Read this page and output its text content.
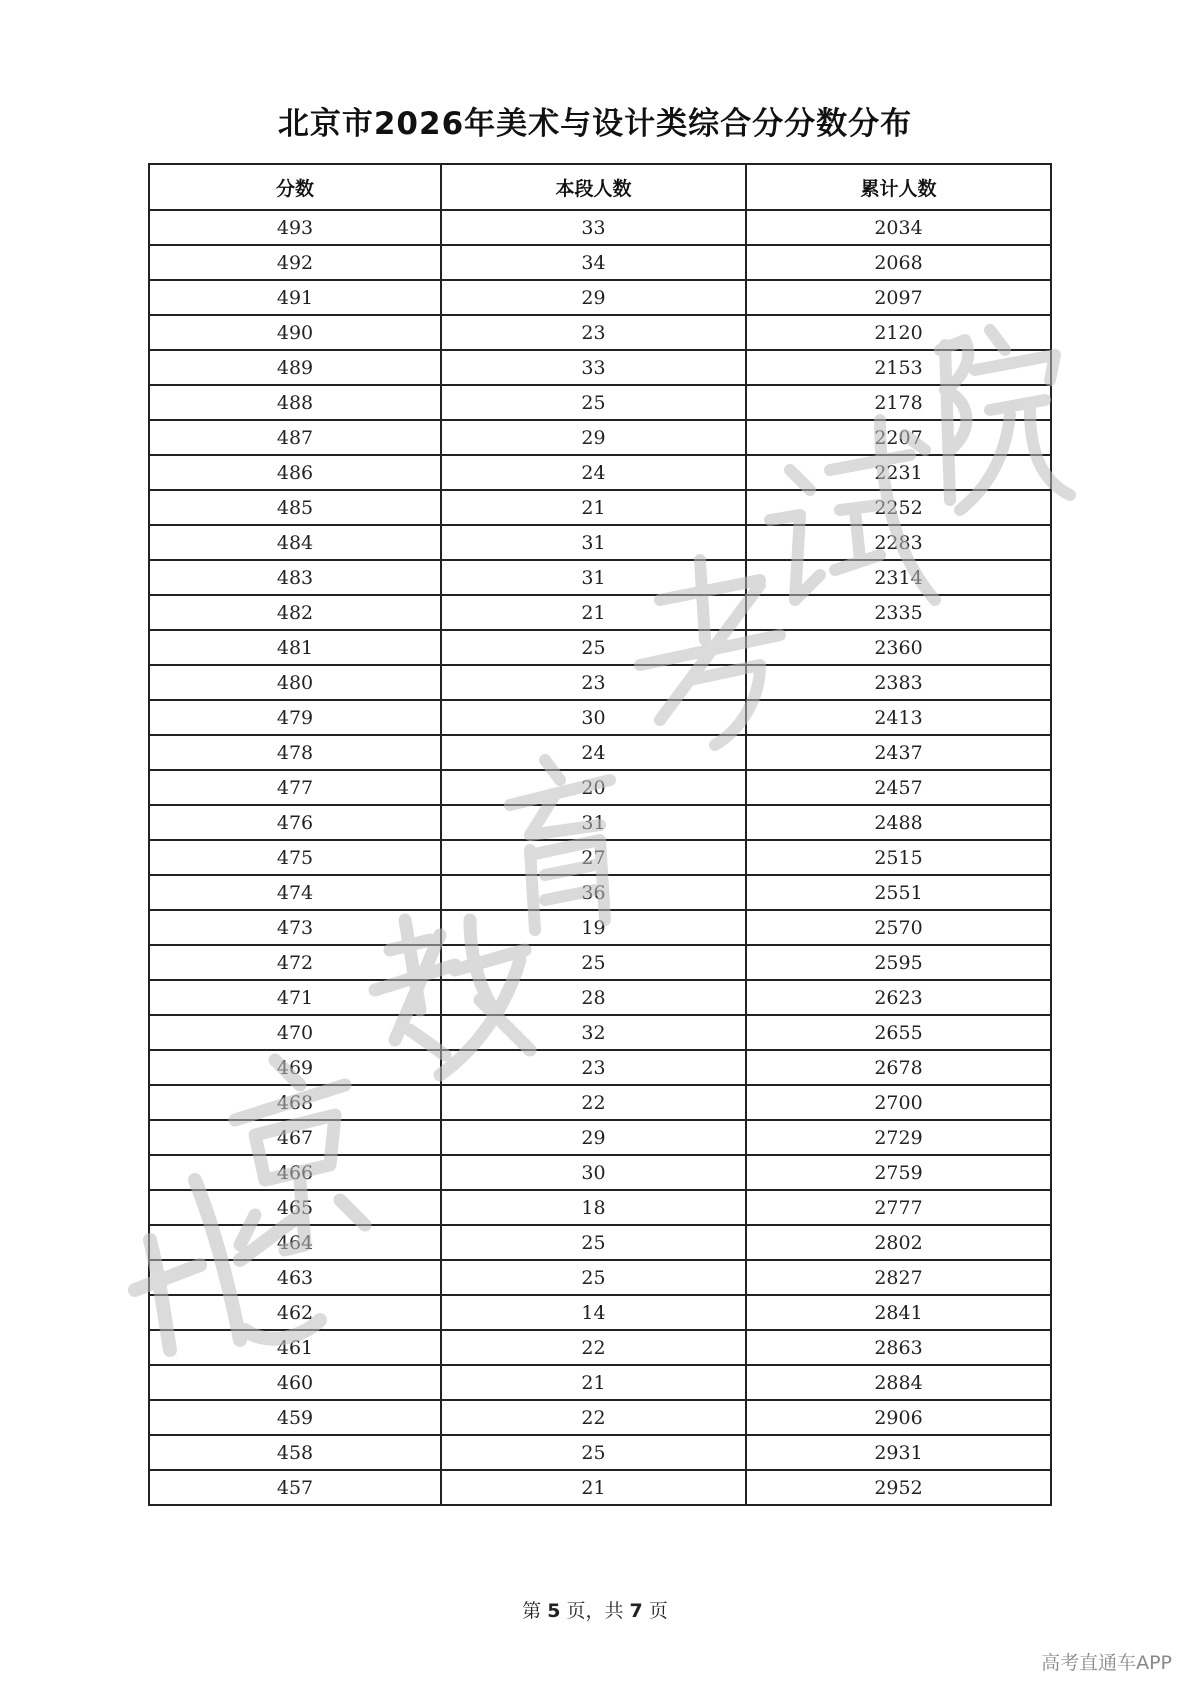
北京市2026年美术与设计类综合分分数分布
分数	本段人数	累计人数
493	33	2034
492	34	2068
491	29	2097
490	23	2120
489	33	2153
488	25	2178
487	29	2207
486	24	2231
485	21	2252
484	31	2283
483	31	2314
482	21	2335
481	25	2360
480	23	2383
479	30	2413
478	24	2437
477	20	2457
476	31	2488
475	27	2515
474	36	2551
473	19	2570
472	25	2595
471	28	2623
470	32	2655
469	23	2678
468	22	2700
467	29	2729
466	30	2759
465	18	2777
464	25	2802
463	25	2827
462	14	2841
461	22	2863
460	21	2884
459	22	2906
458	25	2931
457	21	2952
第 5 页，共 7 页
高考直通车APP
